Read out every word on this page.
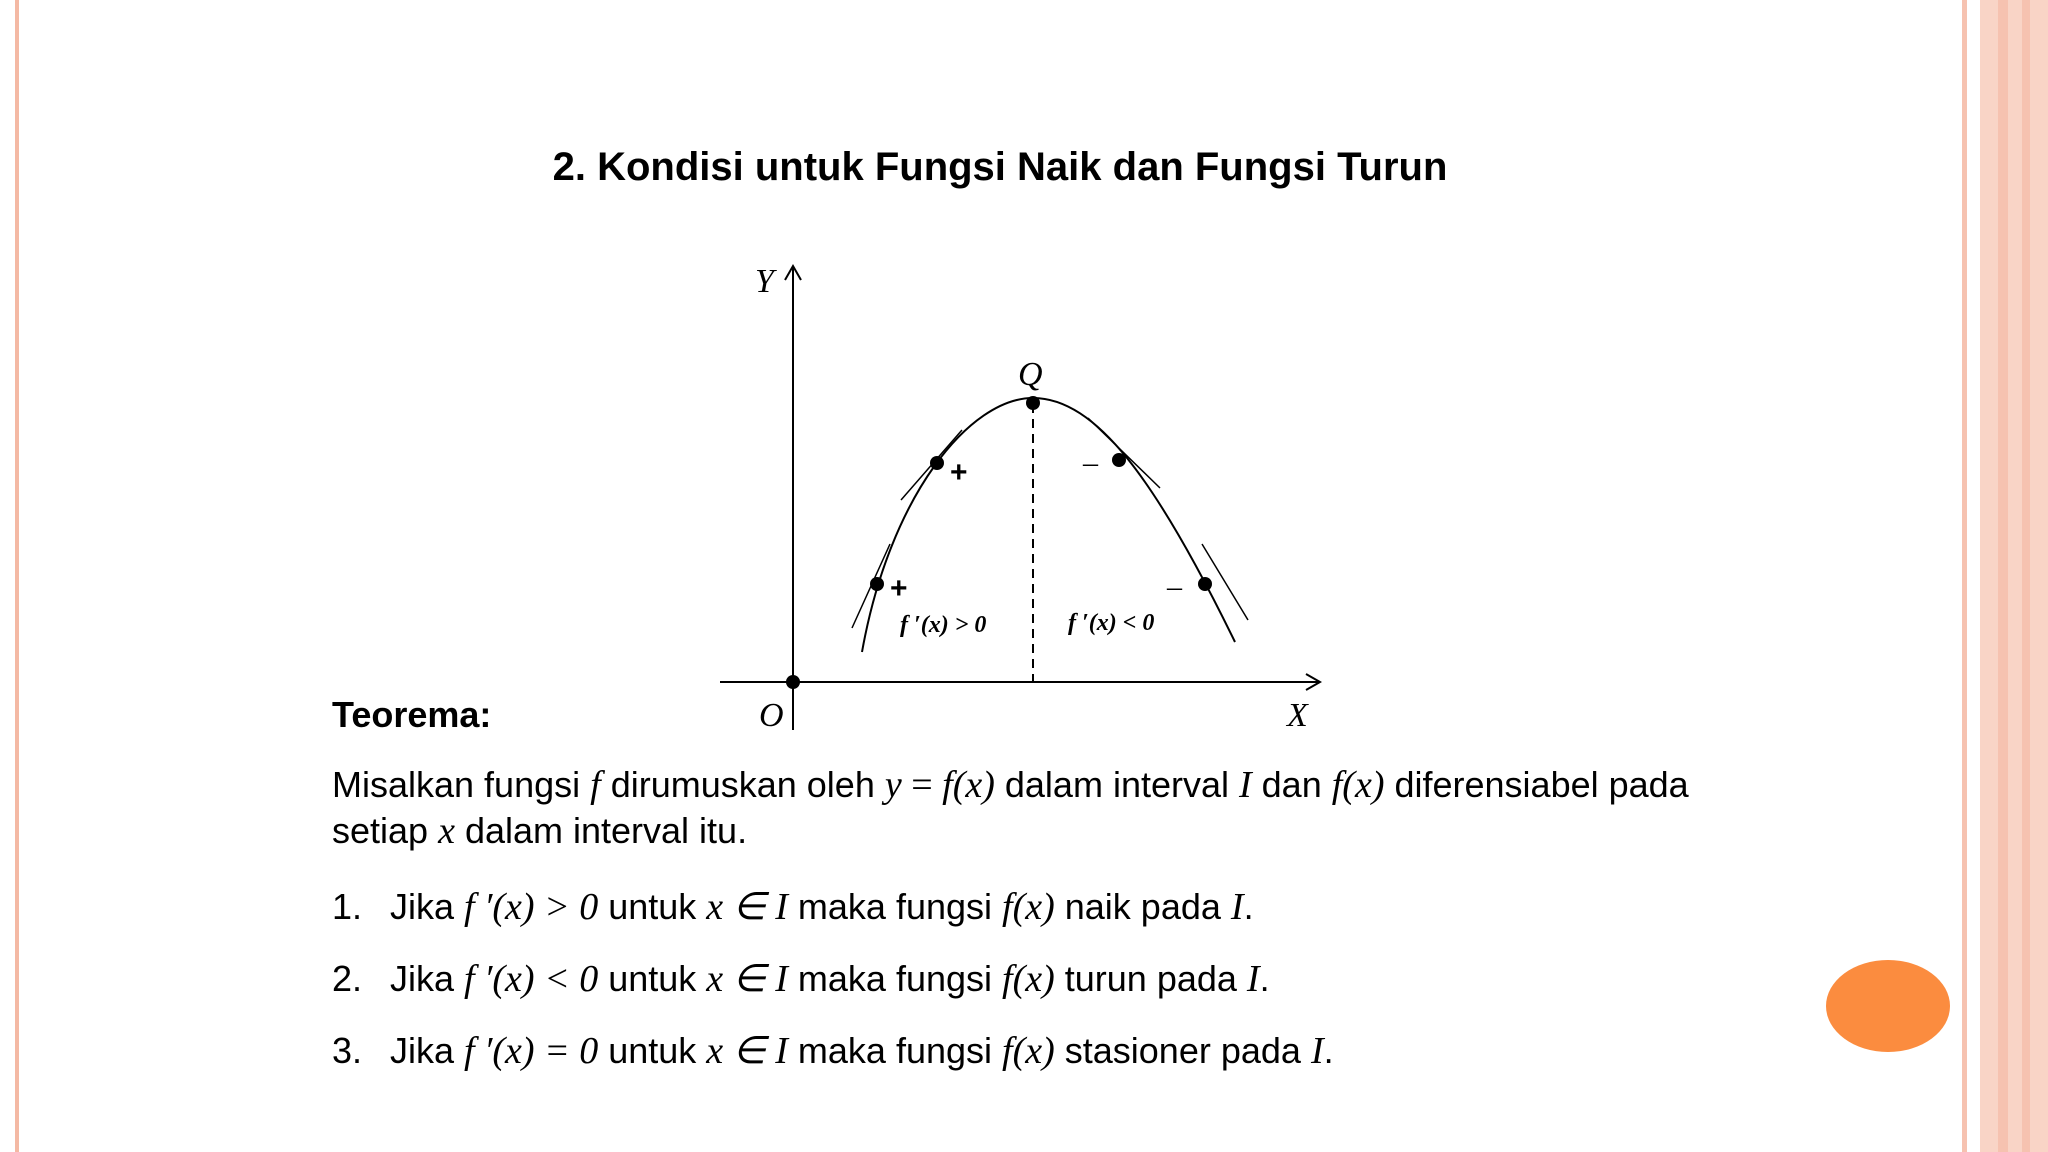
2. Kondisi untuk Fungsi Naik dan Fungsi Turun
Y
X
O
Q
+
+
–
–
f ′(x) > 0	f ′(x) < 0
Teorema:
Misalkan fungsi f dirumuskan oleh y = f(x) dalam interval I dan f(x) diferensiabel pada setiap x dalam interval itu.
1. Jika f ′(x) > 0 untuk x ∈ I maka fungsi f(x) naik pada I.
2. Jika f ′(x) < 0 untuk x ∈ I maka fungsi f(x) turun pada I.
3. Jika f ′(x) = 0 untuk x ∈ I maka fungsi f(x) stasioner pada I.
